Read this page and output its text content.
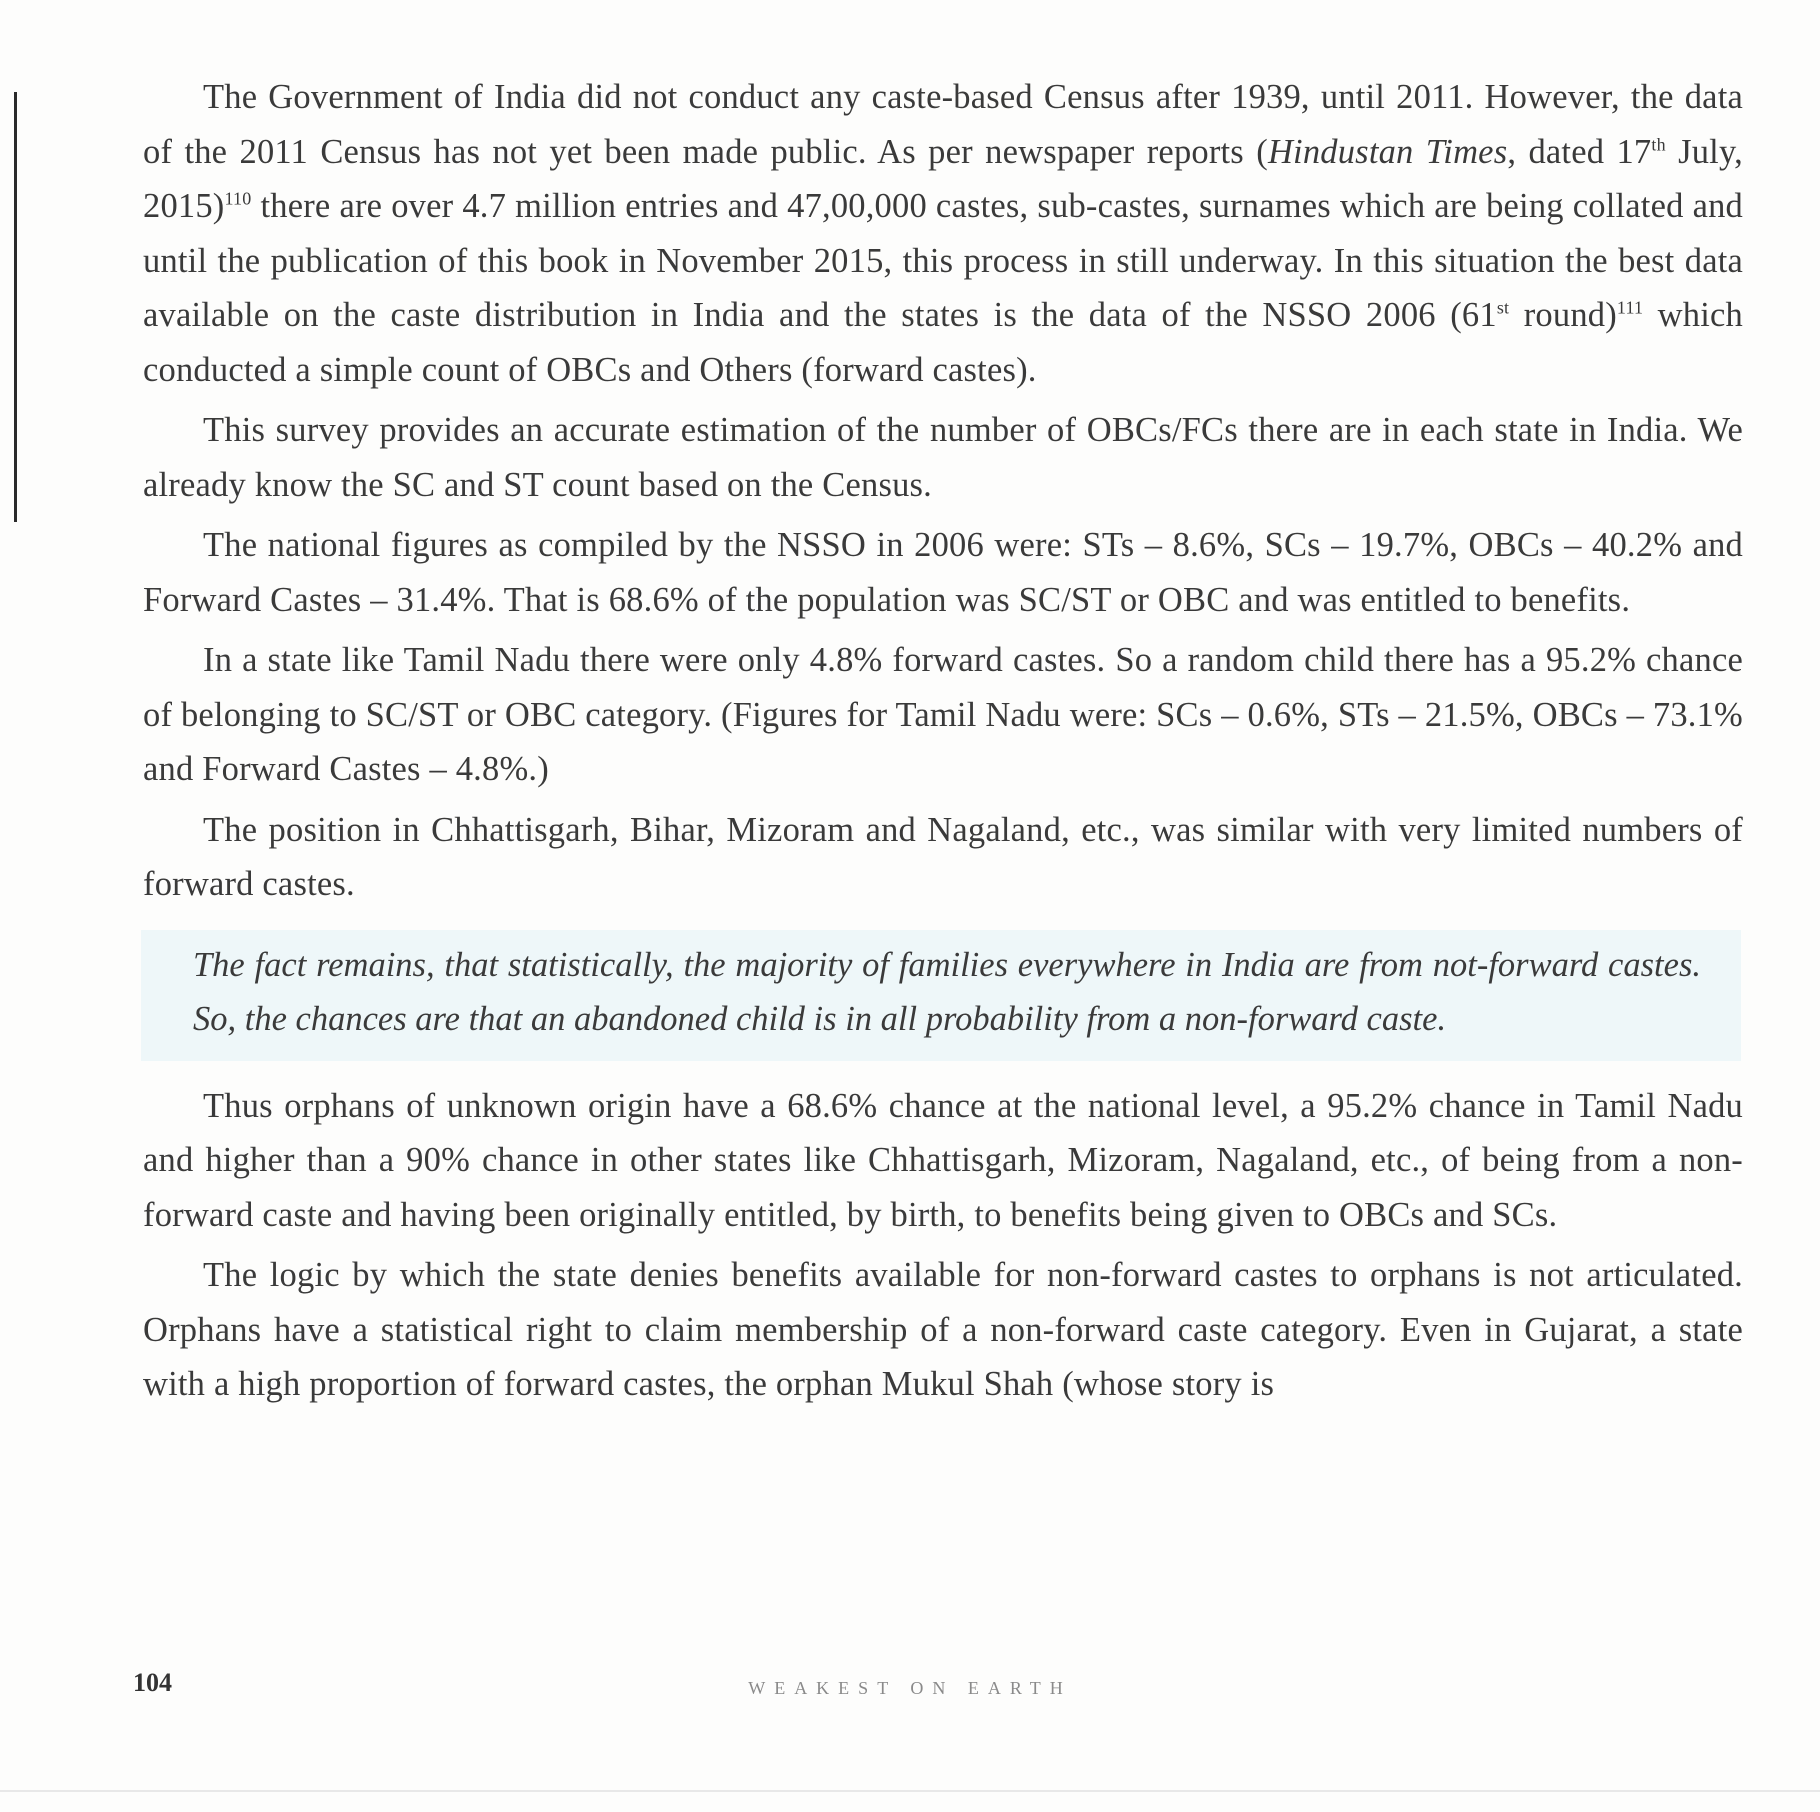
The Government of India did not conduct any caste-based Census after 1939, until 2011. However, the data of the 2011 Census has not yet been made public. As per newspaper reports (Hindustan Times, dated 17th July, 2015)$^{110}$ there are over 4.7 million entries and 47,00,000 castes, sub-castes, surnames which are being collated and until the publication of this book in November 2015, this process in still underway. In this situation the best data available on the caste distribution in India and the states is the data of the NSSO 2006 (61st round)$^{111}$ which conducted a simple count of OBCs and Others (forward castes).

This survey provides an accurate estimation of the number of OBCs/FCs there are in each state in India. We already know the SC and ST count based on the Census.

The national figures as compiled by the NSSO in 2006 were: STs – 8.6%, SCs – 19.7%, OBCs – 40.2% and Forward Castes – 31.4%. That is 68.6% of the population was SC/ST or OBC and was entitled to benefits.

In a state like Tamil Nadu there were only 4.8% forward castes. So a random child there has a 95.2% chance of belonging to SC/ST or OBC category. (Figures for Tamil Nadu were: SCs – 0.6%, STs – 21.5%, OBCs – 73.1% and Forward Castes – 4.8%.)

The position in Chhattisgarh, Bihar, Mizoram and Nagaland, etc., was similar with very limited numbers of forward castes.

The fact remains, that statistically, the majority of families everywhere in India are from not-forward castes. So, the chances are that an abandoned child is in all probability from a non-forward caste.

Thus orphans of unknown origin have a 68.6% chance at the national level, a 95.2% chance in Tamil Nadu and higher than a 90% chance in other states like Chhattisgarh, Mizoram, Nagaland, etc., of being from a non-forward caste and having been originally entitled, by birth, to benefits being given to OBCs and SCs.

The logic by which the state denies benefits available for non-forward castes to orphans is not articulated. Orphans have a statistical right to claim membership of a non-forward caste category. Even in Gujarat, a state with a high proportion of forward castes, the orphan Mukul Shah (whose story is

104	WEAKEST ON EARTH
